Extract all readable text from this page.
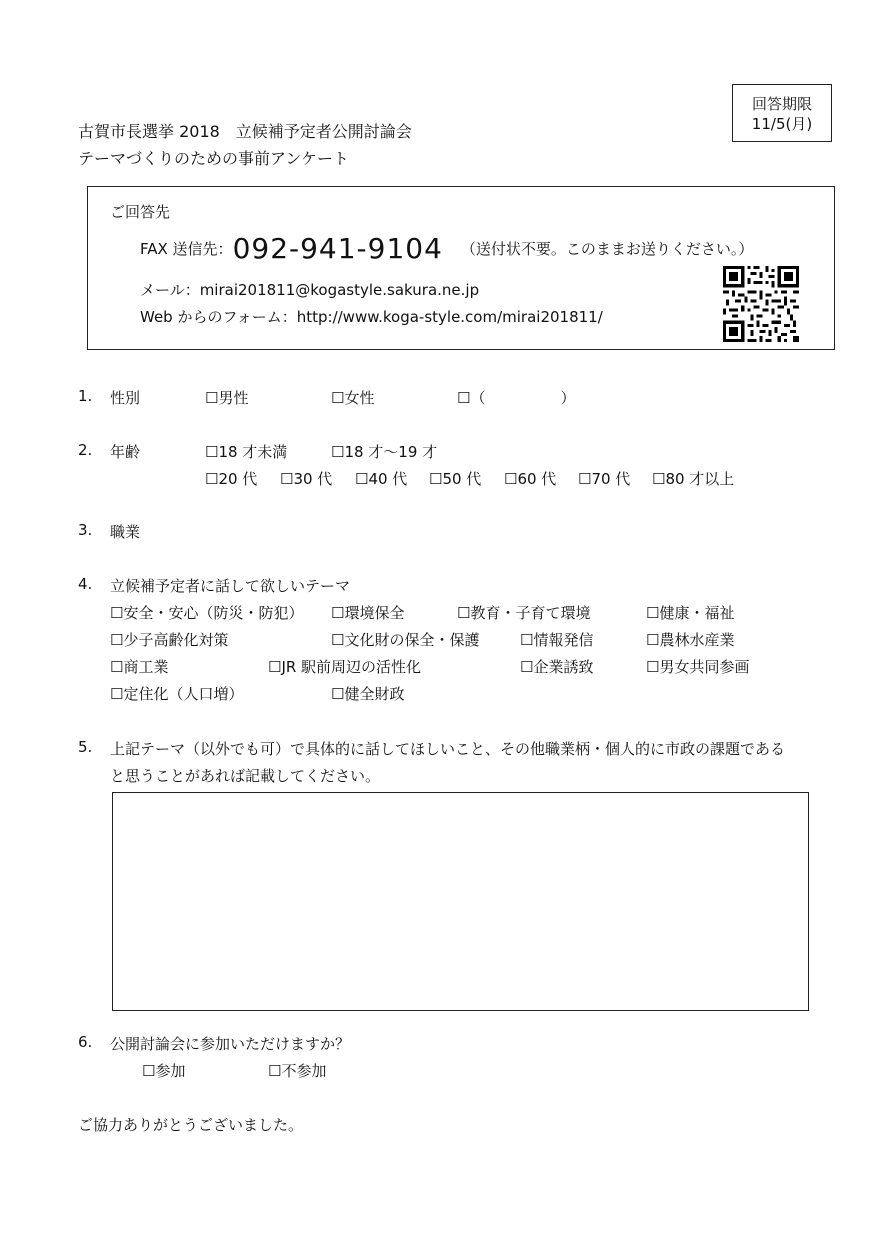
古賀市長選挙 2018　立候補予定者公開討論会
テーマづくりのための事前アンケート
回答期限
11/5(月)
ご回答先
FAX 送信先： 092-941-9104 （送付状不要。このままお送りください。）
メール：mirai201811@kogastyle.sakura.ne.jp
Web からのフォーム：http://www.koga-style.com/mirai201811/
1. 性別	☐男性	☐女性	☐（　　　　　）
2. 年齢	☐18 才未満	☐18 才～19 才
☐20 代 ☐30 代 ☐40 代 ☐50 代 ☐60 代 ☐70 代 ☐80 才以上
3. 職業
4. 立候補予定者に話して欲しいテーマ
☐安全・安心（防災・防犯） ☐環境保全	☐教育・子育て環境	☐健康・福祉
☐少子高齢化対策	☐文化財の保全・保護	☐情報発信	☐農林水産業
☐商工業	☐JR 駅前周辺の活性化	☐企業誘致	☐男女共同参画
☐定住化（人口増）	☐健全財政
5. 上記テーマ（以外でも可）で具体的に話してほしいこと、その他職業柄・個人的に市政の課題である
と思うことがあれば記載してください。
6. 公開討論会に参加いただけますか？
☐参加	☐不参加
ご協力ありがとうございました。
